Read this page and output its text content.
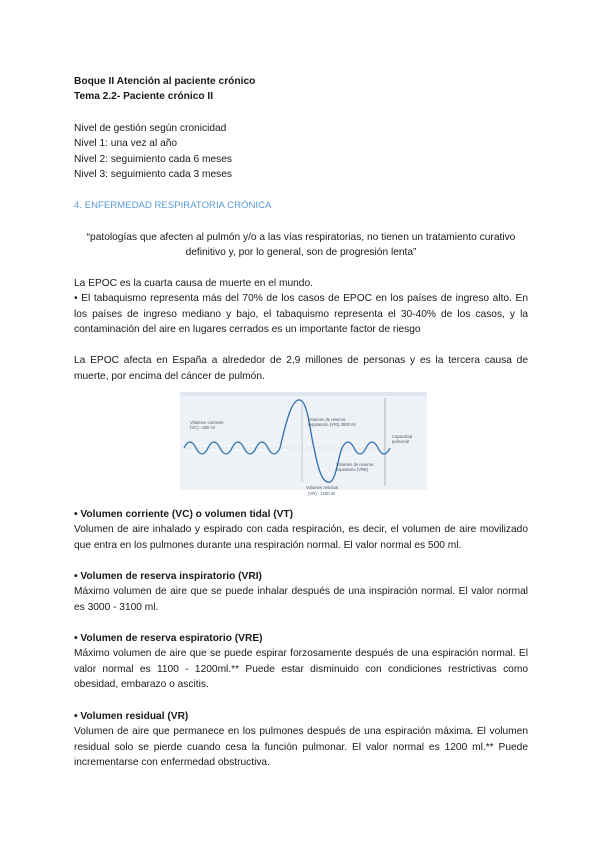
Boque II Atención al paciente crónico
Tema 2.2- Paciente crónico II
Nivel de gestión según cronicidad
Nivel 1: una vez al año
Nivel 2: seguimiento cada 6 meses
Nivel 3: seguimiento cada 3 meses
4. ENFERMEDAD RESPIRATORIA CRÓNICA
“patologías que afecten al pulmón y/o a las vías respiratorias, no tienen un tratamiento curativo
definitivo y, por lo general, son de progresión lenta”
La EPOC es la cuarta causa de muerte en el mundo.
• El tabaquismo representa más del 70% de los casos de EPOC en los países de ingreso alto. En los países de ingreso mediano y bajo, el tabaquismo representa el 30-40% de los casos, y la contaminación del aire en lugares cerrados es un importante factor de riesgo
La EPOC afecta en España a alrededor de 2,9 millones de personas y es la tercera causa de muerte, por encima del cáncer de pulmón.
• Volumen corriente (VC) o volumen tidal (VT)
Volumen de aire inhalado y espirado con cada respiración, es decir, el volumen de aire movilizado que entra en los pulmones durante una respiración normal. El valor normal es 500 ml.
• Volumen de reserva inspiratorio (VRI)
Máximo volumen de aire que se puede inhalar después de una inspiración normal. El valor normal es 3000 - 3100 ml.
• Volumen de reserva espiratorio (VRE)
Máximo volumen de aire que se puede espirar forzosamente después de una espiración normal. El valor normal es 1100 - 1200ml.** Puede estar disminuido con condiciones restrictivas como obesidad, embarazo o ascitis.
• Volumen residual (VR)
Volumen de aire que permanece en los pulmones después de una espiración máxima. El volumen residual solo se pierde cuando cesa la función pulmonar. El valor normal es 1200 ml.** Puede incrementarse con enfermedad obstructiva.
Volumen corriente
(VC) - 500 ml
Volumen de reserva
inspiratorio (VRI) 3000 ml
Volumen de reserva
espiratorio (VRE)
Volumen residual
(VR) - 1200 ml
Capacidad
pulmonar
